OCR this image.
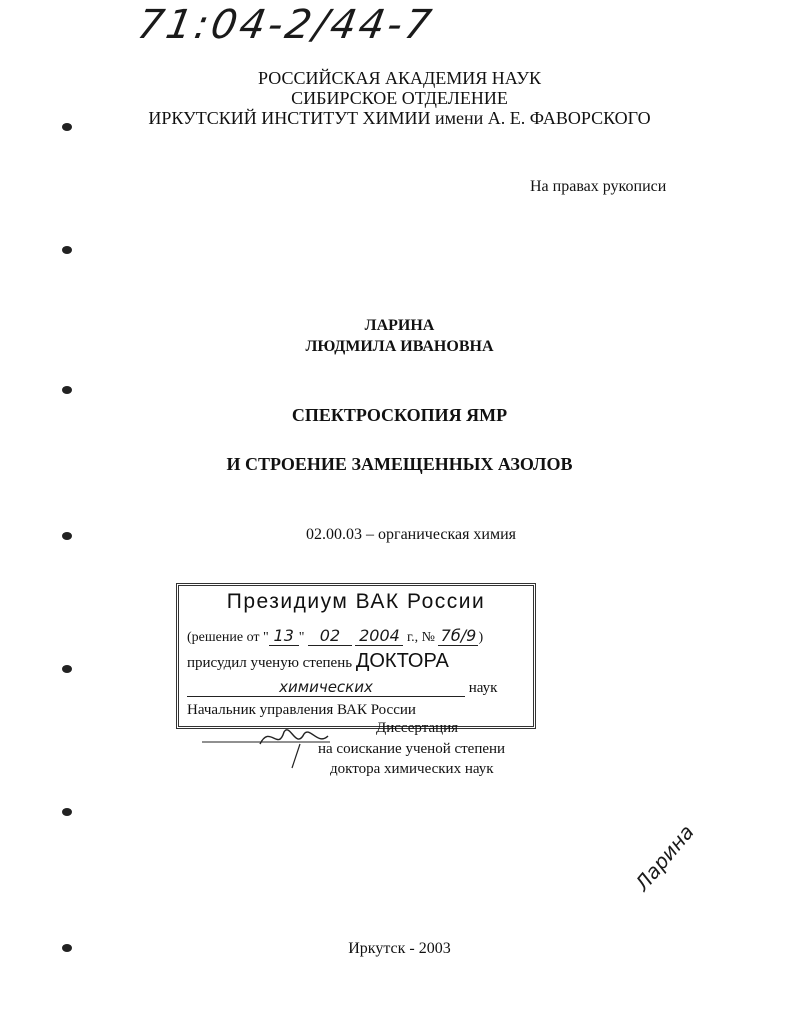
71:04-2/44-7
РОССИЙСКАЯ АКАДЕМИЯ НАУК
СИБИРСКОЕ ОТДЕЛЕНИЕ
ИРКУТСКИЙ ИНСТИТУТ ХИМИИ имени А. Е. ФАВОРСКОГО
На правах рукописи
ЛАРИНА
ЛЮДМИЛА ИВАНОВНА
СПЕКТРОСКОПИЯ ЯМР
И СТРОЕНИЕ ЗАМЕЩЕННЫХ АЗОЛОВ
02.00.03 – органическая химия
Президиум ВАК России
(решение от " 13 " 02 2004 г., № 7б/9 )
присудил ученую степень ДОКТОРА
химических	наук
Начальник управления ВАК России
Диссертация
на соискание ученой степени
доктора химических наук
Ларина
Иркутск - 2003
